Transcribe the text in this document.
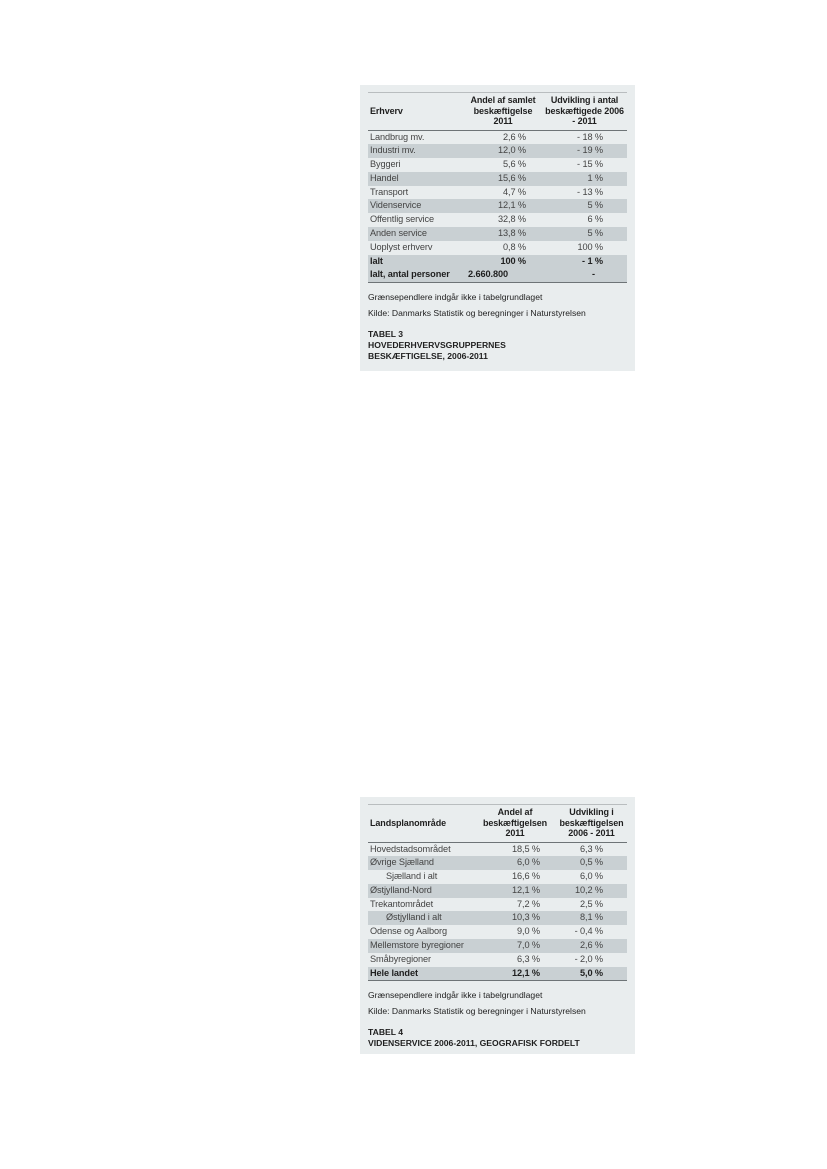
Erhverv	Andel af samlet beskæftigelse 2011	Udvikling i antal beskæftigede 2006 - 2011
Landbrug mv.	2,6 %	- 18 %
Industri mv.	12,0 %	- 19 %
Byggeri	5,6 %	- 15 %
Handel	15,6 %	1 %
Transport	4,7 %	- 13 %
Videnservice	12,1 %	5 %
Offentlig service	32,8 %	6 %
Anden service	13,8 %	5 %
Uoplyst erhverv	0,8 %	100 %
Ialt	100 %	- 1 %
Ialt, antal personer	2.660.800	-
Grænsependlere indgår ikke i tabelgrundlaget
Kilde: Danmarks Statistik og beregninger i Naturstyrelsen
TABEL 3
HOVEDERHVERVSGRUPPERNES
BESKÆFTIGELSE, 2006-2011
Landsplanområde	Andel af beskæftigelsen 2011	Udvikling i beskæftigelsen 2006 - 2011
Hovedstadsområdet	18,5 %	6,3 %
Øvrige Sjælland	6,0 %	0,5 %
Sjælland i alt	16,6 %	6,0 %
Østjylland-Nord	12,1 %	10,2 %
Trekantområdet	7,2 %	2,5 %
Østjylland i alt	10,3 %	8,1 %
Odense og Aalborg	9,0 %	- 0,4 %
Mellemstore byregioner	7,0 %	2,6 %
Småbyregioner	6,3 %	- 2,0 %
Hele landet	12,1 %	5,0 %
Grænsependlere indgår ikke i tabelgrundlaget
Kilde: Danmarks Statistik og beregninger i Naturstyrelsen
TABEL 4
VIDENSERVICE 2006-2011, GEOGRAFISK FORDELT
